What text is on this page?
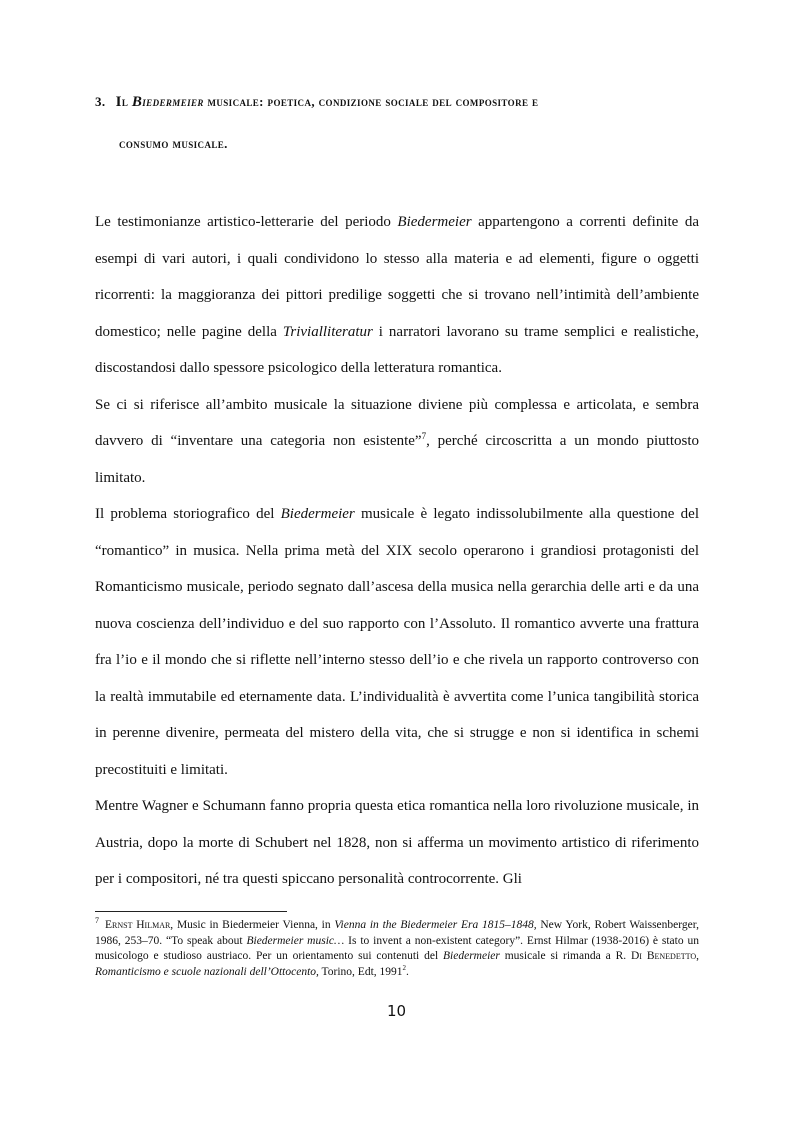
3. Il Biedermeier musicale: poetica, condizione sociale del compositore e
consumo musicale.

Le testimonianze artistico-letterarie del periodo Biedermeier appartengono a correnti definite da esempi di vari autori, i quali condividono lo stesso alla materia e ad elementi, figure o oggetti ricorrenti: la maggioranza dei pittori predilige soggetti che si trovano nell’intimità dell’ambiente domestico; nelle pagine della Trivialliteratur i narratori lavorano su trame semplici e realistiche, discostandosi dallo spessore psicologico della letteratura romantica.

Se ci si riferisce all’ambito musicale la situazione diviene più complessa e articolata, e sembra davvero di “inventare una categoria non esistente”$^7$, perché circoscritta a un mondo piuttosto limitato.

Il problema storiografico del Biedermeier musicale è legato indissolubilmente alla questione del “romantico” in musica. Nella prima metà del XIX secolo operarono i grandiosi protagonisti del Romanticismo musicale, periodo segnato dall’ascesa della musica nella gerarchia delle arti e da una nuova coscienza dell’individuo e del suo rapporto con l’Assoluto. Il romantico avverte una frattura fra l’io e il mondo che si riflette nell’interno stesso dell’io e che rivela un rapporto controverso con la realtà immutabile ed eternamente data. L’individualità è avvertita come l’unica tangibilità storica in perenne divenire, permeata del mistero della vita, che si strugge e non si identifica in schemi precostituiti e limitati.

Mentre Wagner e Schumann fanno propria questa etica romantica nella loro rivoluzione musicale, in Austria, dopo la morte di Schubert nel 1828, non si afferma un movimento artistico di riferimento per i compositori, né tra questi spiccano personalità controcorrente. Gli

$^7$ Ernst Hilmar, Music in Biedermeier Vienna, in Vienna in the Biedermeier Era 1815–1848, New York, Robert Waissenberger, 1986, 253–70. “To speak about Biedermeier music… Is to invent a non-existent category”. Ernst Hilmar (1938-2016) è stato un musicologo e studioso austriaco. Per un orientamento sui contenuti del Biedermeier musicale si rimanda a R. Di Benedetto, Romanticismo e scuole nazionali dell’Ottocento, Torino, Edt, 1991$^2$.
10
